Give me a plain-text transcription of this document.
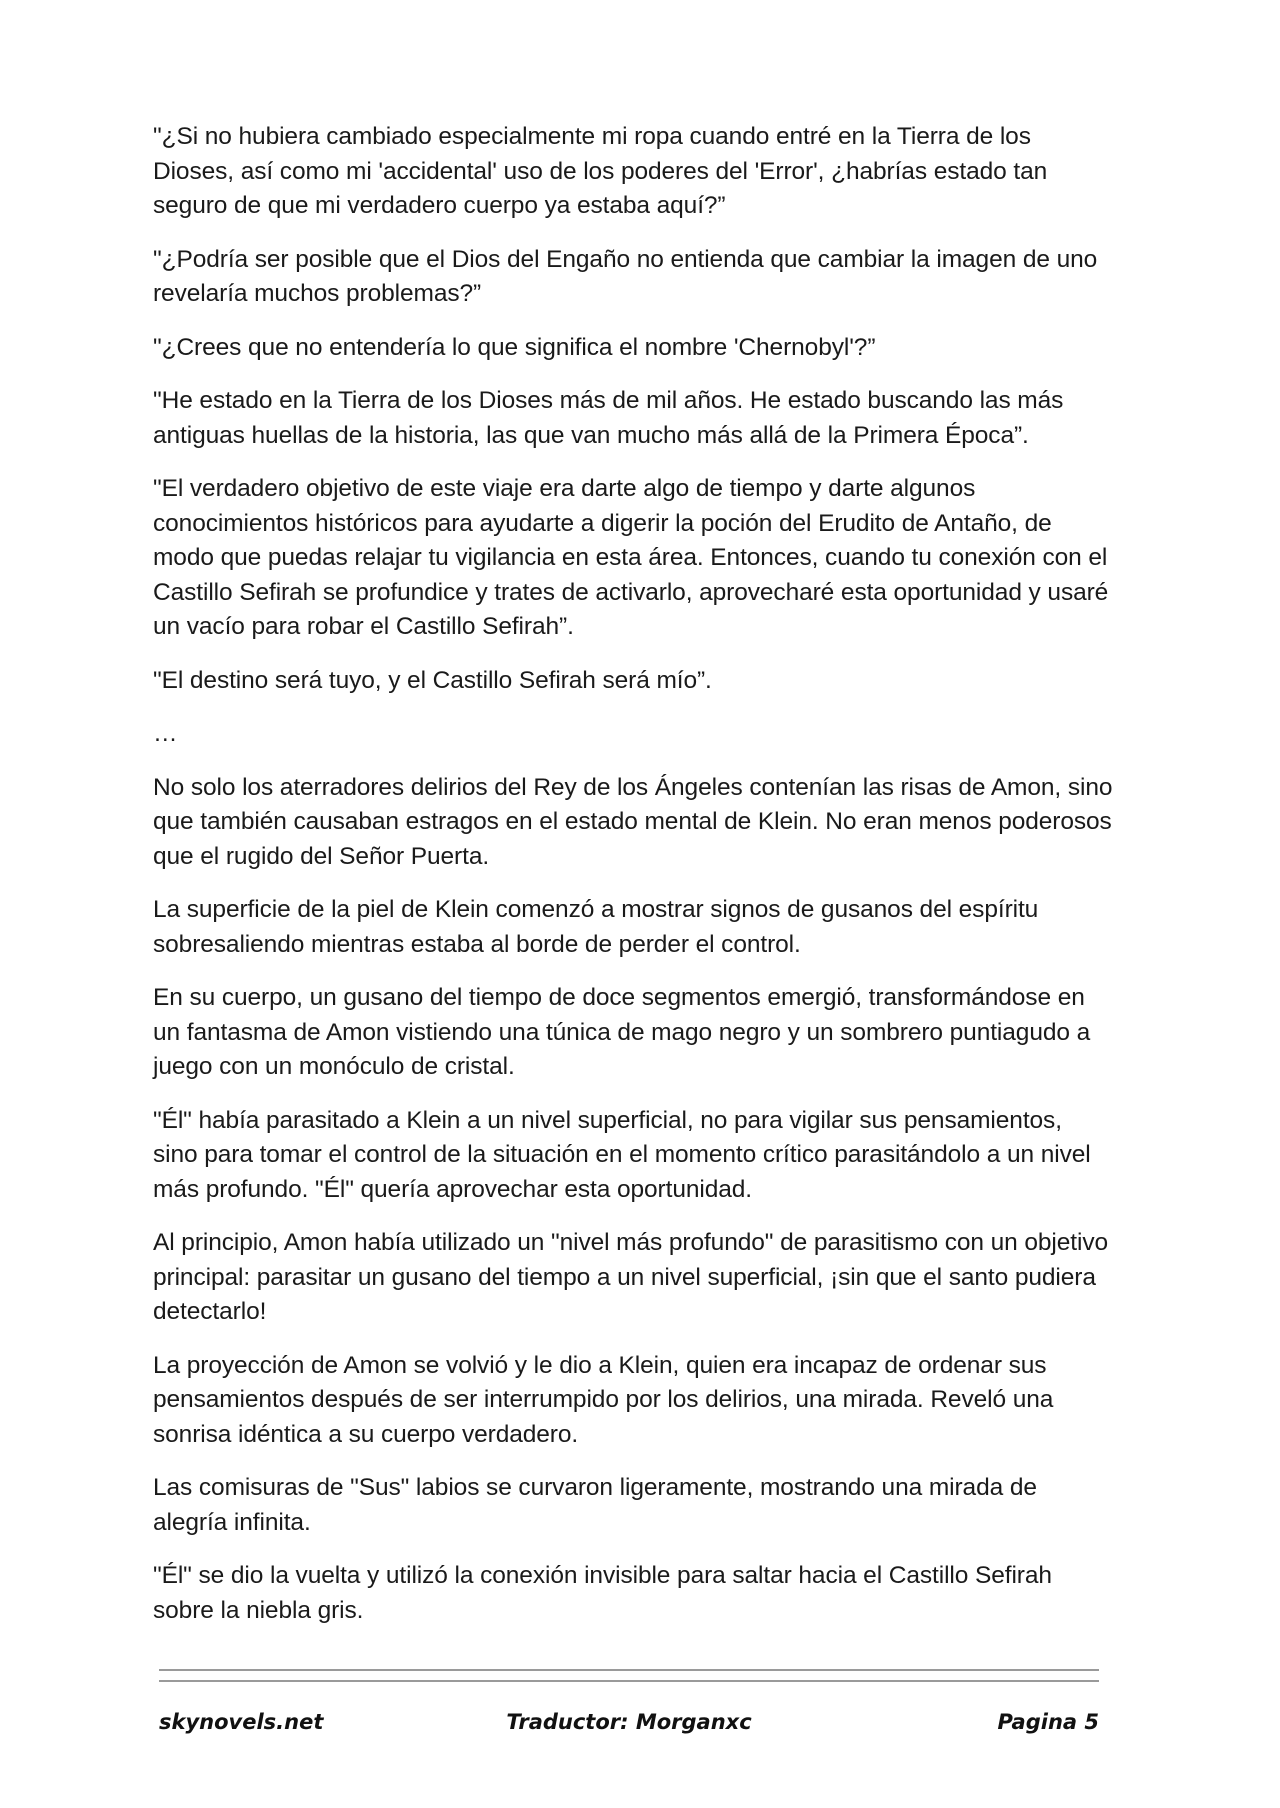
"¿Si no hubiera cambiado especialmente mi ropa cuando entré en la Tierra de los Dioses, así como mi 'accidental' uso de los poderes del 'Error', ¿habrías estado tan seguro de que mi verdadero cuerpo ya estaba aquí?”

"¿Podría ser posible que el Dios del Engaño no entienda que cambiar la imagen de uno revelaría muchos problemas?”

"¿Crees que no entendería lo que significa el nombre 'Chernobyl'?”

"He estado en la Tierra de los Dioses más de mil años. He estado buscando las más antiguas huellas de la historia, las que van mucho más allá de la Primera Época”.

"El verdadero objetivo de este viaje era darte algo de tiempo y darte algunos conocimientos históricos para ayudarte a digerir la poción del Erudito de Antaño, de modo que puedas relajar tu vigilancia en esta área. Entonces, cuando tu conexión con el Castillo Sefirah se profundice y trates de activarlo, aprovecharé esta oportunidad y usaré un vacío para robar el Castillo Sefirah”.

"El destino será tuyo, y el Castillo Sefirah será mío”.

…

No solo los aterradores delirios del Rey de los Ángeles contenían las risas de Amon, sino que también causaban estragos en el estado mental de Klein. No eran menos poderosos que el rugido del Señor Puerta.

La superficie de la piel de Klein comenzó a mostrar signos de gusanos del espíritu sobresaliendo mientras estaba al borde de perder el control.

En su cuerpo, un gusano del tiempo de doce segmentos emergió, transformándose en un fantasma de Amon vistiendo una túnica de mago negro y un sombrero puntiagudo a juego con un monóculo de cristal.

"Él" había parasitado a Klein a un nivel superficial, no para vigilar sus pensamientos, sino para tomar el control de la situación en el momento crítico parasitándolo a un nivel más profundo. "Él" quería aprovechar esta oportunidad.

Al principio, Amon había utilizado un "nivel más profundo" de parasitismo con un objetivo principal: parasitar un gusano del tiempo a un nivel superficial, ¡sin que el santo pudiera detectarlo!

La proyección de Amon se volvió y le dio a Klein, quien era incapaz de ordenar sus pensamientos después de ser interrumpido por los delirios, una mirada. Reveló una sonrisa idéntica a su cuerpo verdadero.

Las comisuras de "Sus" labios se curvaron ligeramente, mostrando una mirada de alegría infinita.

"Él" se dio la vuelta y utilizó la conexión invisible para saltar hacia el Castillo Sefirah sobre la niebla gris.

skynovels.net	Traductor: Morganxc	Pagina 5
